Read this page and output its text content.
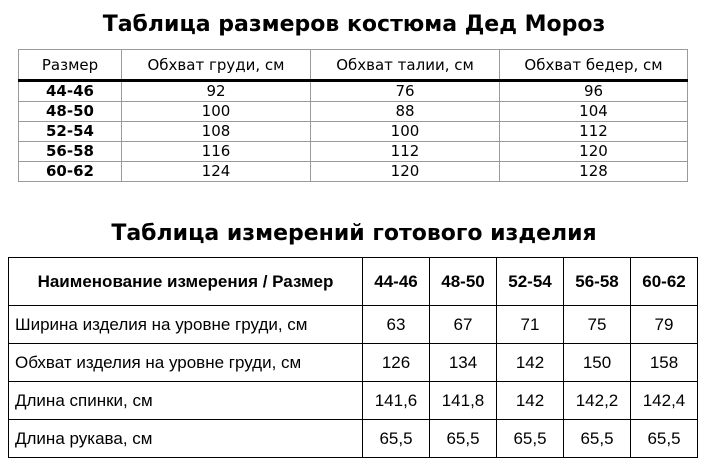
Таблица размеров костюма Дед Мороз
Размер	Обхват груди, см	Обхват талии, см	Обхват бедер, см
44-46	92	76	96
48-50	100	88	104
52-54	108	100	112
56-58	116	112	120
60-62	124	120	128
Таблица измерений готового изделия
Наименование измерения / Размер	44-46	48-50	52-54	56-58	60-62
Ширина изделия на уровне груди, см	63	67	71	75	79
Обхват изделия на уровне груди, см	126	134	142	150	158
Длина спинки, см	141,6	141,8	142	142,2	142,4
Длина рукава, см	65,5	65,5	65,5	65,5	65,5
